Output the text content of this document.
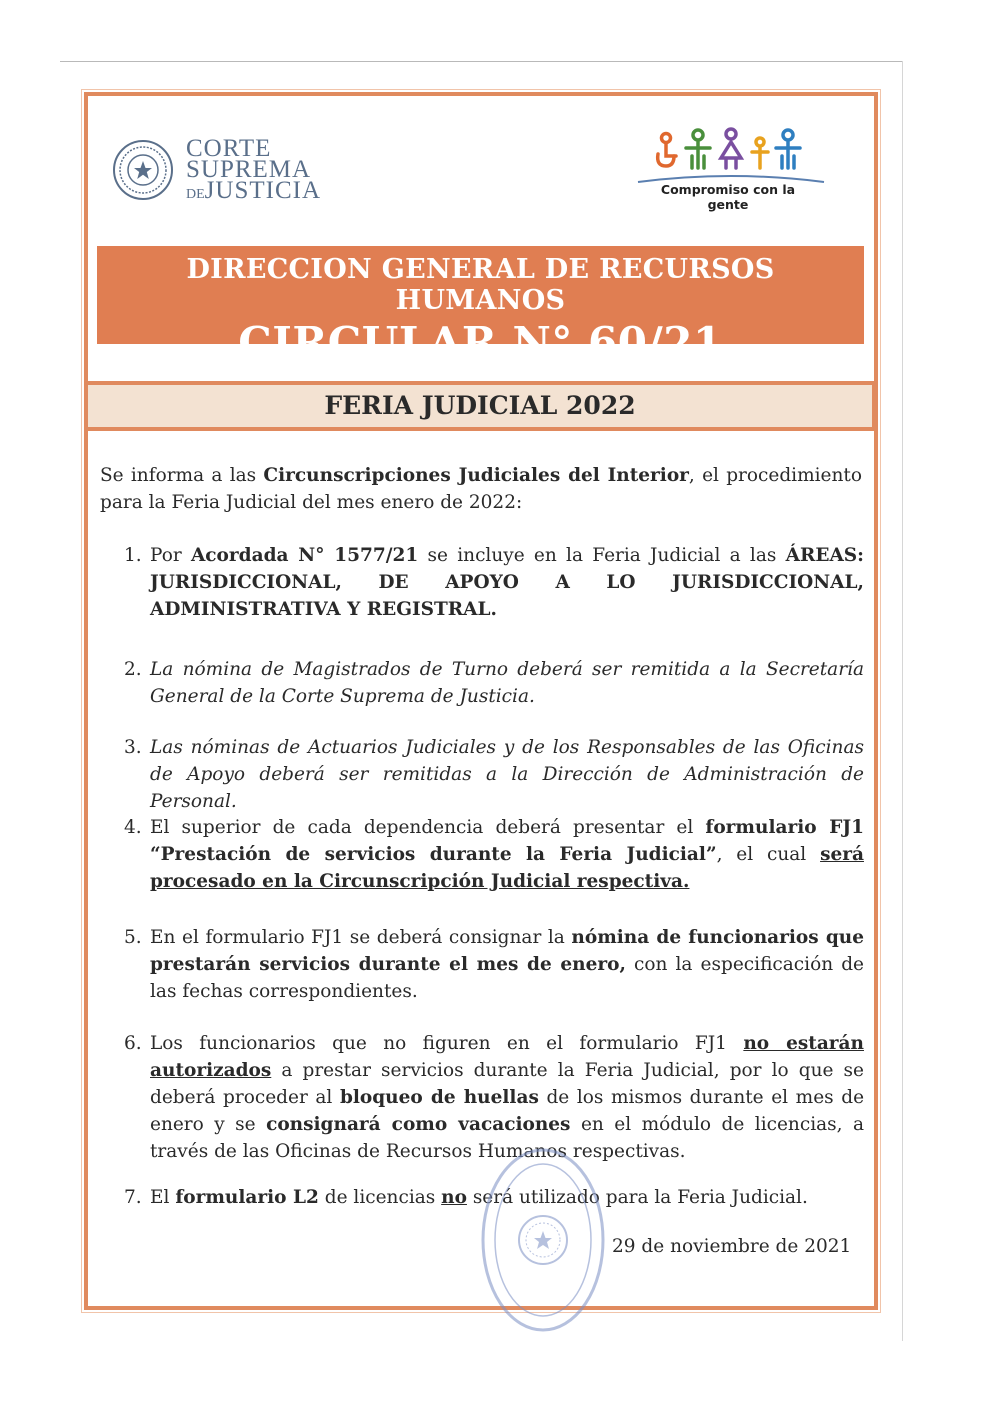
CORTE
SUPREMA
DEJUSTICIA	Compromiso con la gente
DIRECCION GENERAL DE RECURSOS HUMANOS
CIRCULAR N° 60/21
FERIA JUDICIAL 2022
Se informa a las Circunscripciones Judiciales del Interior, el procedimiento para la Feria Judicial del mes enero de 2022:
1. Por Acordada N° 1577/21 se incluye en la Feria Judicial a las ÁREAS: JURISDICCIONAL, DE APOYO A LO JURISDICCIONAL, ADMINISTRATIVA Y REGISTRAL.
2. La nómina de Magistrados de Turno deberá ser remitida a la Secretaría General de la Corte Suprema de Justicia.
3. Las nóminas de Actuarios Judiciales y de los Responsables de las Oficinas de Apoyo deberá ser remitidas a la Dirección de Administración de Personal.
4. El superior de cada dependencia deberá presentar el formulario FJ1 “Prestación de servicios durante la Feria Judicial”, el cual será procesado en la Circunscripción Judicial respectiva.
5. En el formulario FJ1 se deberá consignar la nómina de funcionarios que prestarán servicios durante el mes de enero, con la especificación de las fechas correspondientes.
6. Los funcionarios que no figuren en el formulario FJ1 no estarán autorizados a prestar servicios durante la Feria Judicial, por lo que se deberá proceder al bloqueo de huellas de los mismos durante el mes de enero y se consignará como vacaciones en el módulo de licencias, a través de las Oficinas de Recursos Humanos respectivas.
7. El formulario L2 de licencias no será utilizado para la Feria Judicial.
29 de noviembre de 2021
